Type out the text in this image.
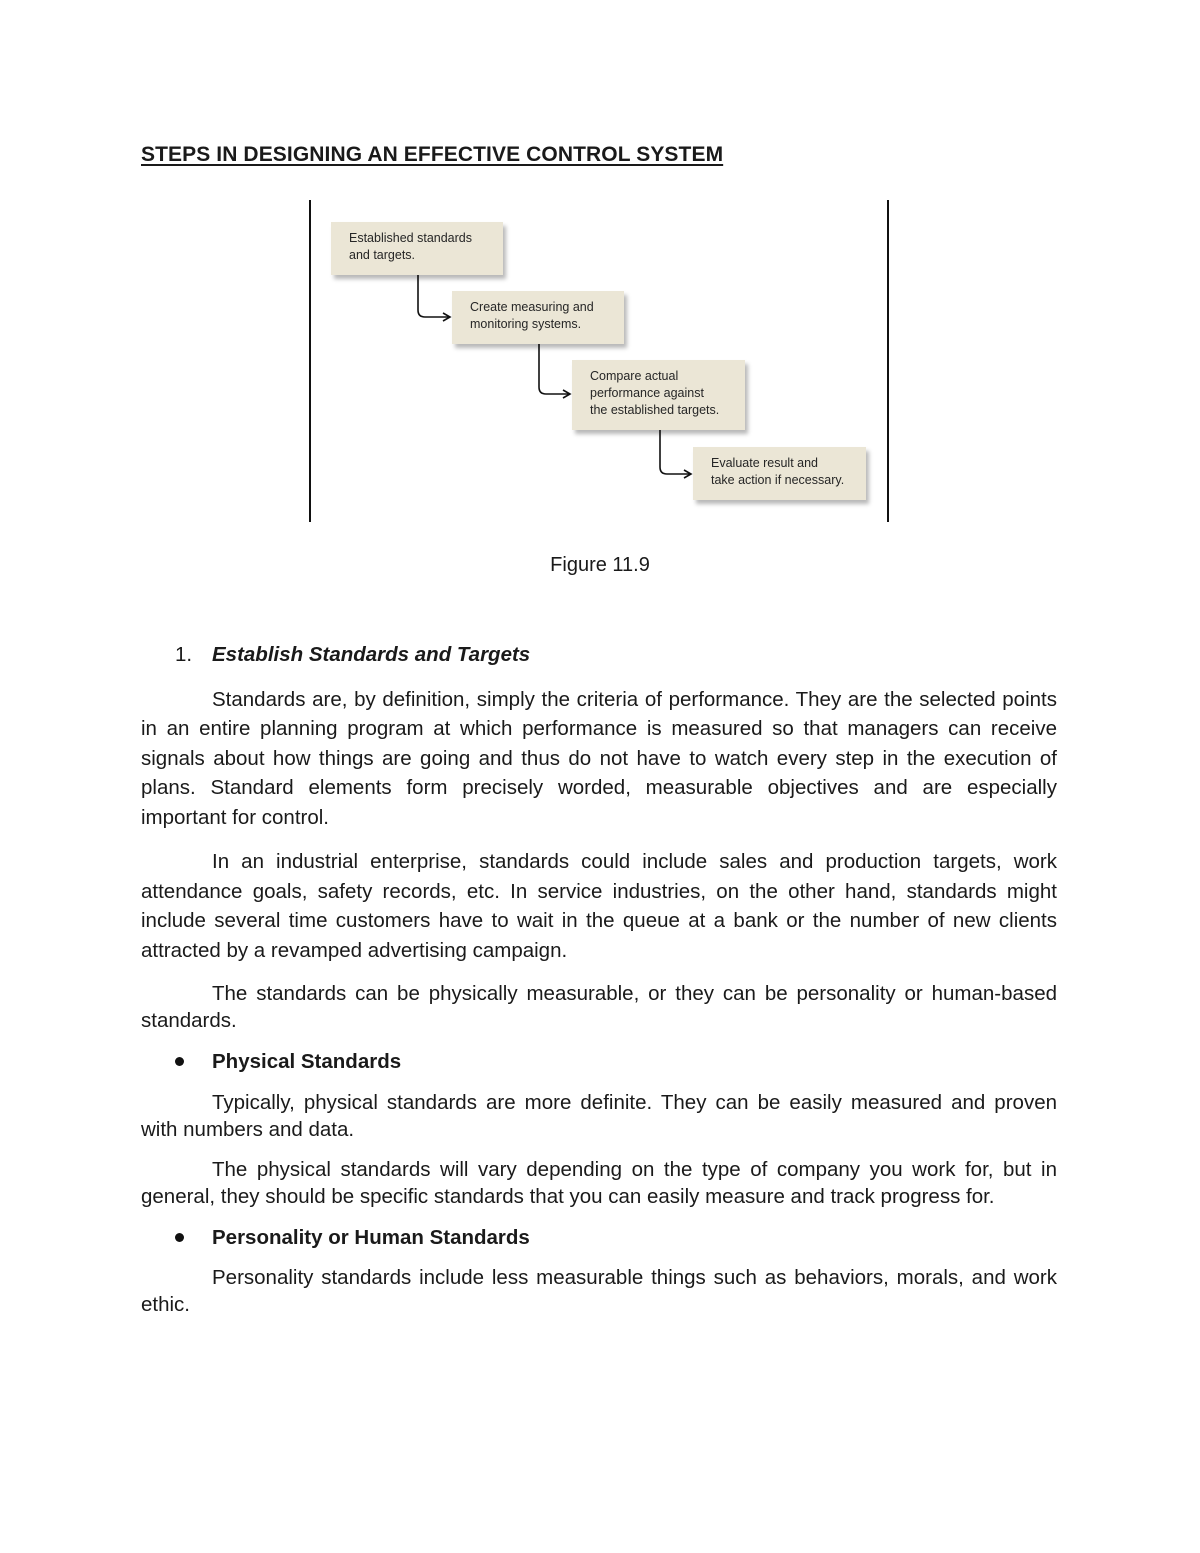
STEPS IN DESIGNING AN EFFECTIVE CONTROL SYSTEM
Established standards
and targets.
Create measuring and
monitoring systems.
Compare actual
performance against
the established targets.
Evaluate result and
take action if necessary.

Figure 11.9

1. Establish Standards and Targets

Standards are, by definition, simply the criteria of performance. They are the selected points in an entire planning program at which performance is measured so that managers can receive signals about how things are going and thus do not have to watch every step in the execution of plans. Standard elements form precisely worded, measurable objectives and are especially important for control.

In an industrial enterprise, standards could include sales and production targets, work attendance goals, safety records, etc. In service industries, on the other hand, standards might include several time customers have to wait in the queue at a bank or the number of new clients attracted by a revamped advertising campaign.

The standards can be physically measurable, or they can be personality or human-based standards.

Physical Standards

Typically, physical standards are more definite. They can be easily measured and proven with numbers and data.

The physical standards will vary depending on the type of company you work for, but in general, they should be specific standards that you can easily measure and track progress for.

Personality or Human Standards

Personality standards include less measurable things such as behaviors, morals, and work ethic.
